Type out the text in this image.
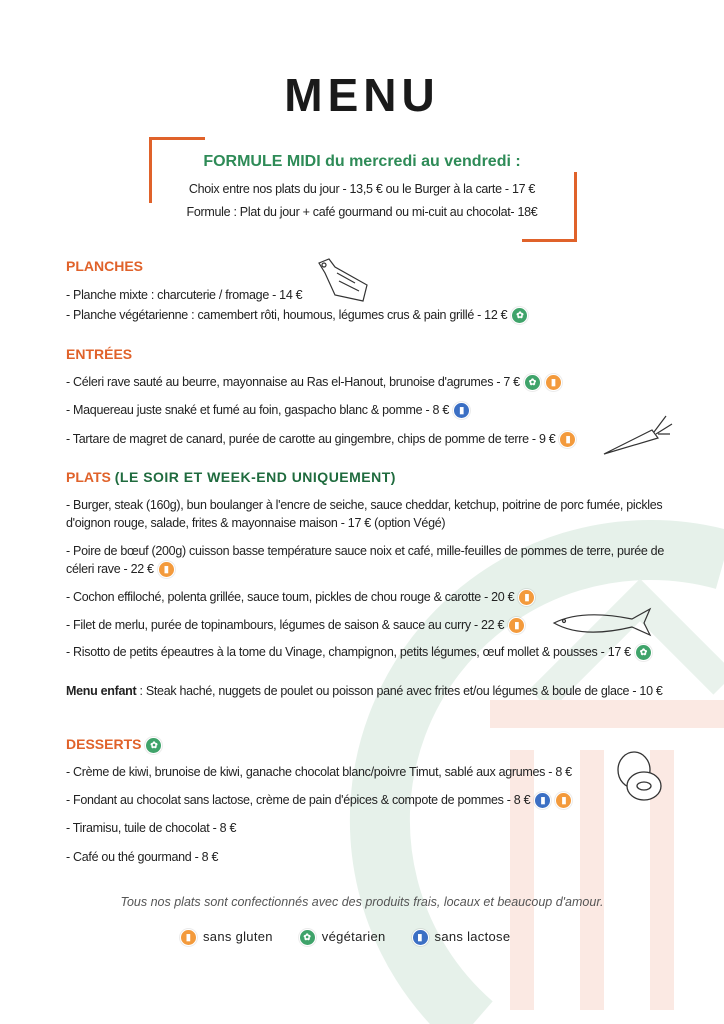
MENU
FORMULE MIDI du mercredi au vendredi :
Choix entre nos plats du jour - 13,5 € ou le Burger à la carte - 17 €
Formule : Plat du jour + café gourmand ou mi-cuit au chocolat- 18€
PLANCHES
- Planche mixte : charcuterie / fromage - 14 €
- Planche végétarienne : camembert rôti, houmous, légumes crus & pain grillé - 12 € ✿
ENTRÉES
- Céleri rave sauté au beurre, mayonnaise au Ras el-Hanout, brunoise d'agrumes - 7 € ✿ ▮
- Maquereau juste snaké et fumé au foin, gaspacho blanc & pomme - 8 € ▮
- Tartare de magret de canard, purée de carotte au gingembre, chips de pomme de terre - 9 € ▮
PLATS (LE SOIR ET WEEK-END UNIQUEMENT)
- Burger, steak (160g), bun boulanger à l'encre de seiche, sauce cheddar, ketchup, poitrine de porc fumée, pickles d'oignon rouge, salade, frites & mayonnaise maison - 17 € (option Végé)
- Poire de bœuf (200g) cuisson basse température sauce noix et café, mille-feuilles de pommes de terre, purée de céleri rave - 22 € ▮
- Cochon effiloché, polenta grillée, sauce toum, pickles de chou rouge & carotte - 20 € ▮
- Filet de merlu, purée de topinambours, légumes de saison & sauce au curry - 22 € ▮
- Risotto de petits épeautres à la tome du Vinage, champignon, petits légumes, œuf mollet & pousses - 17 € ✿
Menu enfant : Steak haché, nuggets de poulet ou poisson pané avec frites et/ou légumes & boule de glace - 10 €
DESSERTS ✿
- Crème de kiwi, brunoise de kiwi, ganache chocolat blanc/poivre Timut, sablé aux agrumes - 8 €
- Fondant au chocolat sans lactose, crème de pain d'épices & compote de pommes - 8 € ▮ ▮
- Tiramisu, tuile de chocolat - 8 €
- Café ou thé gourmand - 8 €
Tous nos plats sont confectionnés avec des produits frais, locaux et beaucoup d'amour.
▮ sans gluten	✿ végétarien	▮ sans lactose
